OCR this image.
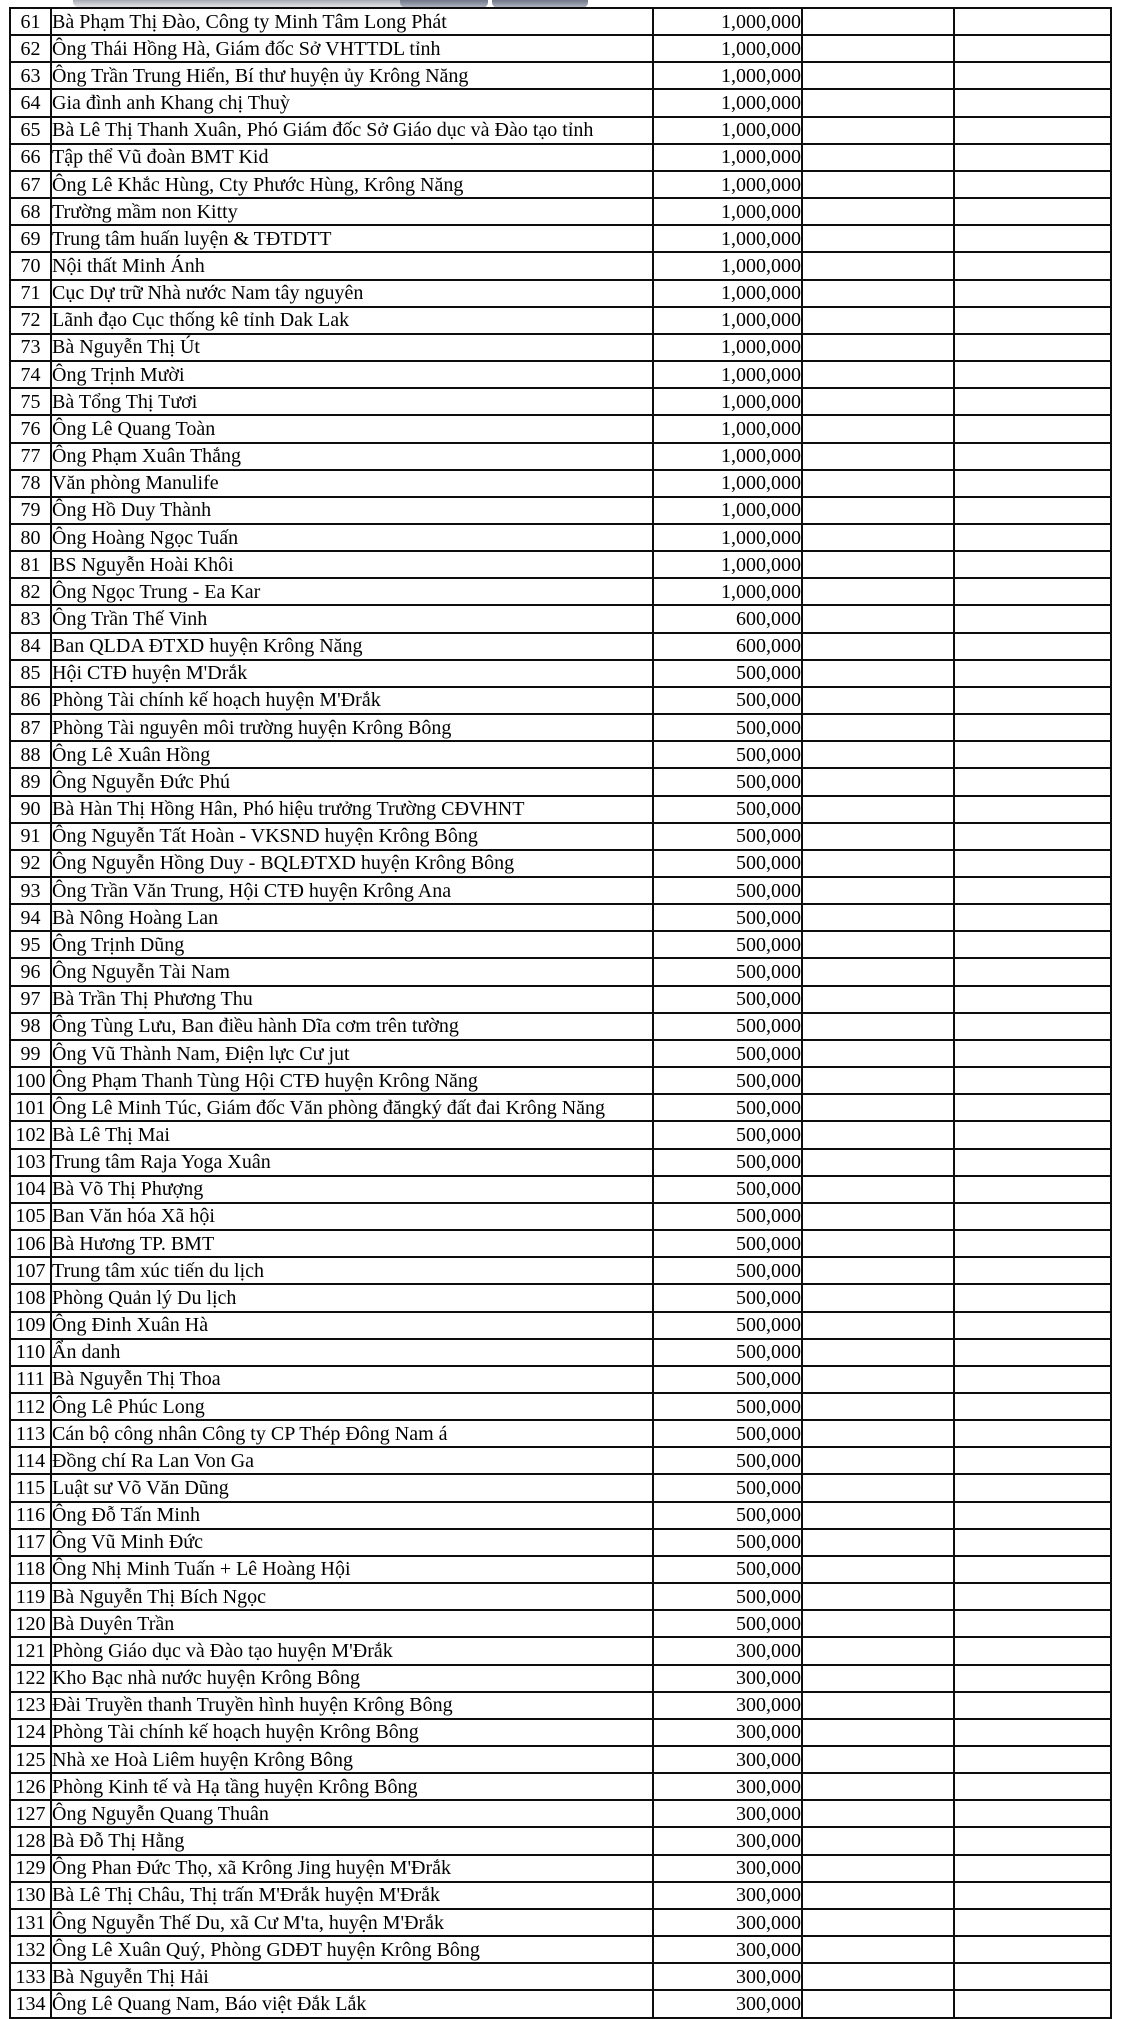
61	Bà Phạm Thị Đào, Công ty Minh Tâm Long Phát	1,000,000		
62	Ông Thái Hồng Hà, Giám đốc Sở VHTTDL tỉnh	1,000,000		
63	Ông Trần Trung Hiển, Bí thư huyện ủy Krông Năng	1,000,000		
64	Gia đình anh Khang chị Thuỳ	1,000,000		
65	Bà Lê Thị Thanh Xuân, Phó Giám đốc Sở Giáo dục và Đào tạo tỉnh	1,000,000		
66	Tập thể Vũ đoàn BMT Kid	1,000,000		
67	Ông Lê Khắc Hùng, Cty Phước Hùng, Krông Năng	1,000,000		
68	Trường mầm non Kitty	1,000,000		
69	Trung tâm huấn luyện & TĐTDTT	1,000,000		
70	Nội thất Minh Ánh	1,000,000		
71	Cục Dự trữ Nhà nước Nam tây nguyên	1,000,000		
72	Lãnh đạo Cục thống kê tỉnh Dak Lak	1,000,000		
73	Bà Nguyễn Thị Út	1,000,000		
74	Ông Trịnh Mười	1,000,000		
75	Bà Tổng Thị Tươi	1,000,000		
76	Ông Lê Quang Toàn	1,000,000		
77	Ông Phạm Xuân Thắng	1,000,000		
78	Văn phòng Manulife	1,000,000		
79	Ông Hồ Duy Thành	1,000,000		
80	Ông Hoàng Ngọc Tuấn	1,000,000		
81	BS Nguyễn Hoài Khôi	1,000,000		
82	Ông Ngọc Trung - Ea Kar	1,000,000		
83	Ông Trần Thế Vinh	600,000		
84	Ban QLDA ĐTXD huyện Krông Năng	600,000		
85	Hội CTĐ huyện M'Drắk	500,000		
86	Phòng Tài chính kế hoạch huyện M'Đrắk	500,000		
87	Phòng Tài nguyên môi trường huyện Krông Bông	500,000		
88	Ông Lê Xuân Hồng	500,000		
89	Ông Nguyễn Đức Phú	500,000		
90	Bà Hàn Thị Hồng Hân, Phó hiệu trưởng Trường CĐVHNT	500,000		
91	Ông Nguyễn Tất Hoàn - VKSND huyện Krông Bông	500,000		
92	Ông Nguyễn Hồng Duy - BQLĐTXD huyện Krông Bông	500,000		
93	Ông Trần Văn Trung, Hội CTĐ huyện Krông Ana	500,000		
94	Bà Nông Hoàng Lan	500,000		
95	Ông Trịnh Dũng	500,000		
96	Ông Nguyễn Tài Nam	500,000		
97	Bà Trần Thị Phương Thu	500,000		
98	Ông Tùng Lưu, Ban điều hành Dĩa cơm trên tường	500,000		
99	Ông Vũ Thành Nam, Điện lực Cư jut	500,000		
100	Ông Phạm Thanh Tùng Hội CTĐ huyện Krông Năng	500,000		
101	Ông Lê Minh Túc, Giám đốc Văn phòng đăngký đất đai Krông Năng	500,000		
102	Bà Lê Thị Mai	500,000		
103	Trung tâm Raja Yoga Xuân	500,000		
104	Bà Võ Thị Phượng	500,000		
105	Ban Văn hóa Xã hội	500,000		
106	Bà Hương TP. BMT	500,000		
107	Trung tâm xúc tiến du lịch	500,000		
108	Phòng Quản lý Du lịch	500,000		
109	Ông Đinh Xuân Hà	500,000		
110	Ẩn danh	500,000		
111	Bà Nguyễn Thị Thoa	500,000		
112	Ông Lê Phúc Long	500,000		
113	Cán bộ công nhân Công ty CP Thép Đông Nam á	500,000		
114	Đồng chí Ra Lan Von Ga	500,000		
115	Luật sư Võ Văn Dũng	500,000		
116	Ông Đỗ Tấn Minh	500,000		
117	Ông Vũ Minh Đức	500,000		
118	Ông Nhị Minh Tuấn + Lê Hoàng Hội	500,000		
119	Bà Nguyễn Thị Bích Ngọc	500,000		
120	Bà Duyên Trần	500,000		
121	Phòng Giáo dục và Đào tạo huyện M'Đrắk	300,000		
122	Kho Bạc nhà nước huyện Krông Bông	300,000		
123	Đài Truyền thanh Truyền hình huyện Krông Bông	300,000		
124	Phòng Tài chính kế hoạch huyện Krông Bông	300,000		
125	Nhà xe Hoà Liêm huyện Krông Bông	300,000		
126	Phòng Kinh tế và Hạ tầng huyện Krông Bông	300,000		
127	Ông Nguyễn Quang Thuân	300,000		
128	Bà Đỗ Thị Hằng	300,000		
129	Ông Phan Đức Thọ, xã Krông Jing huyện M'Đrắk	300,000		
130	Bà Lê Thị Châu, Thị trấn M'Đrắk huyện M'Đrắk	300,000		
131	Ông Nguyễn Thế Du, xã Cư M'ta, huyện M'Đrắk	300,000		
132	Ông Lê Xuân Quý, Phòng GDĐT huyện Krông Bông	300,000		
133	Bà Nguyễn Thị Hải	300,000		
134	Ông Lê Quang Nam, Báo việt Đắk Lắk	300,000		
